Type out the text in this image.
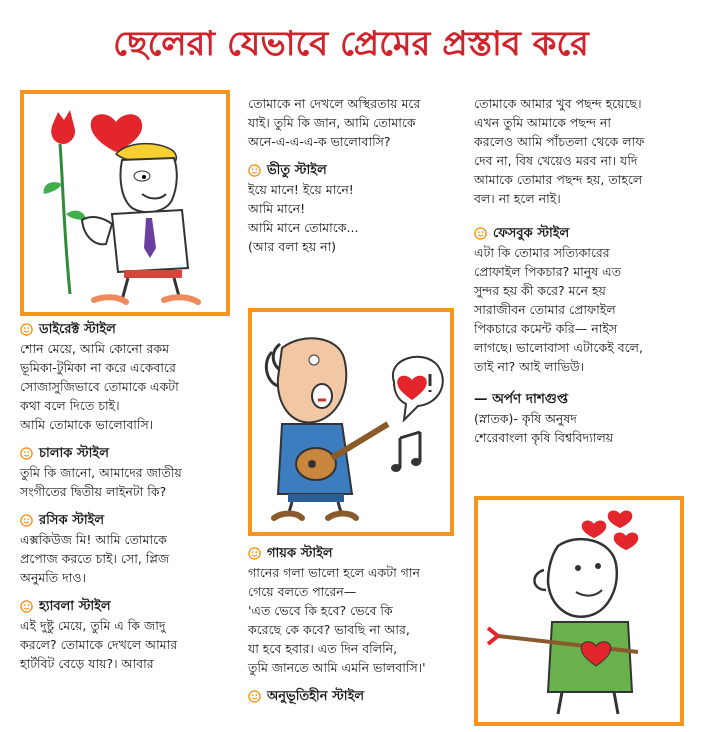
ছেলেরা যেভাবে প্রেমের প্রস্তাব করে
ডাইরেক্ট স্টাইল

শোন মেয়ে, আমি কোনো রকম

ভূমিকা-টুমিকা না করে একেবারে

সোজাসুজিভাবে তোমাকে একটা

কথা বলে দিতে চাই।

আমি তোমাকে ভালোবাসি।

চালাক স্টাইল

তুমি কি জানো, আমাদের জাতীয়

সংগীতের দ্বিতীয় লাইনটা কি?

রসিক স্টাইল

এক্সকিউজ মি! আমি তোমাকে

প্রপোজ করতে চাই। সো, প্লিজ

অনুমতি দাও।

হ্যাবলা স্টাইল

এই দুষ্টু মেয়ে, তুমি এ কি জাদু

করলে? তোমাকে দেখলে আমার

হার্টবিট বেড়ে যায়?। আবার

তোমাকে না দেখলে অস্থিরতায় মরে

যাই। তুমি কি জান, আমি তোমাকে

অনে-এ-এ-এ-ক ভালোবাসি?

ভীতু স্টাইল

ইয়ে মানে! ইয়ে মানে!

আমি মানে!

আমি মানে তোমাকে...

(আর বলা হয় না)

গায়ক স্টাইল

গানের গলা ভালো হলে একটা গান

গেয়ে বলতে পারেন—

'এত ভেবে কি হবে? ভেবে কি

করেছে কে কবে? ভাবছি না আর,

যা হবে হবার। এত দিন বলিনি,

তুমি জানতে আমি এমনি ভালবাসি।'

অনুভূতিহীন স্টাইল

তোমাকে আমার খুব পছন্দ হয়েছে।

এখন তুমি আমাকে পছন্দ না

করলেও আমি পাঁচতলা থেকে লাফ

দেব না, বিষ খেয়েও মরব না। যদি

আমাকে তোমার পছন্দ হয়, তাহলে

বল। না হলে নাই।

ফেসবুক স্টাইল

এটা কি তোমার সত্যিকারের

প্রোফাইল পিকচার? মানুষ এত

সুন্দর হয় কী করে? মনে হয়

সারাজীবন তোমার প্রোফাইল

পিকচারে কমেন্ট করি— নাইস

লাগছে। ভালোবাসা এটাকেই বলে,

তাই না? আই লাভিউ।

— অর্পণ দাশগুপ্ত

(স্নাতক)- কৃষি অনুষদ

শেরেবাংলা কৃষি বিশ্ববিদ্যালয়
